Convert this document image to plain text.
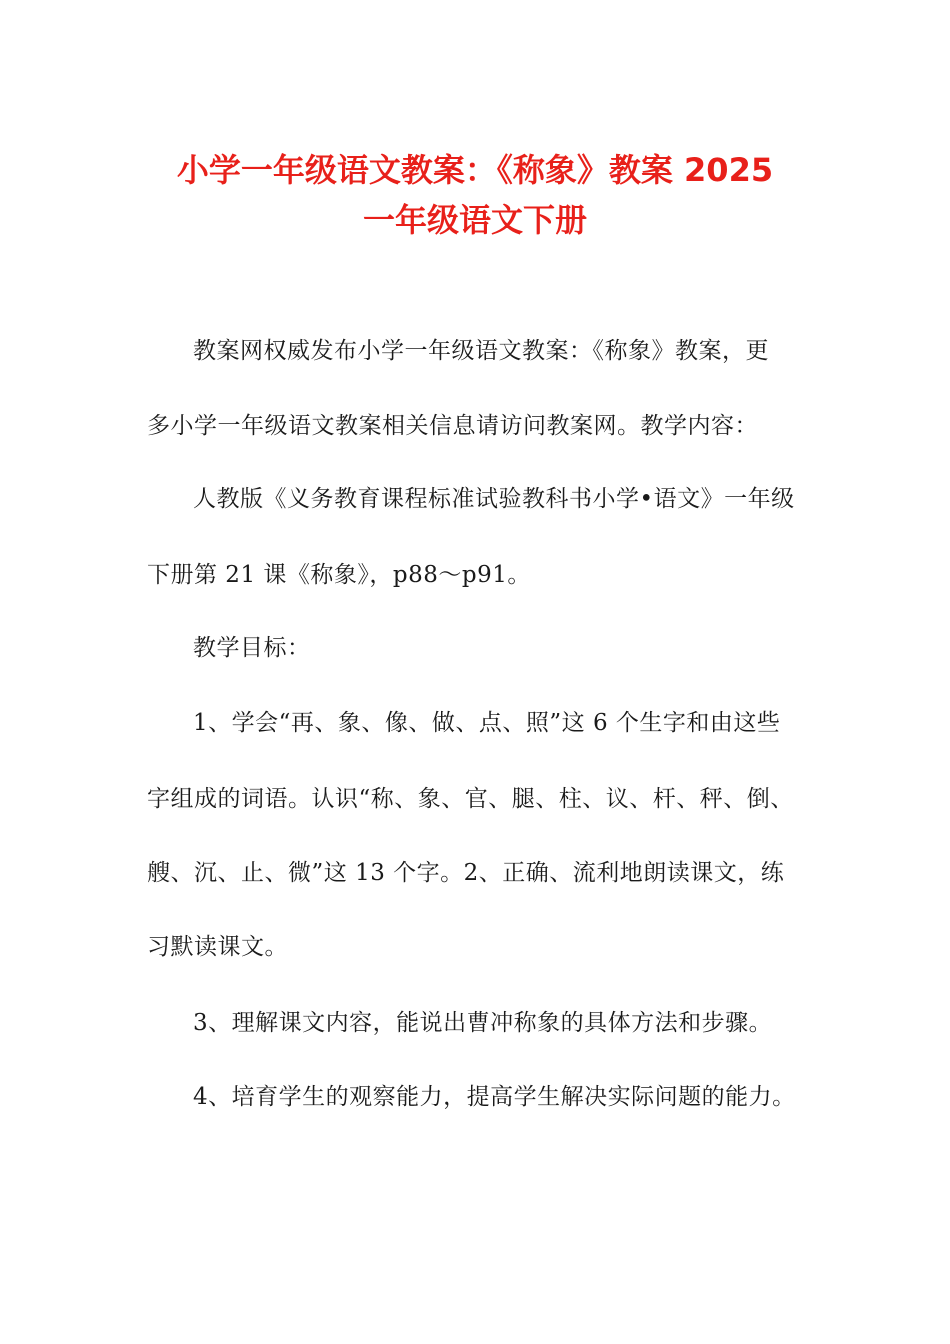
小学一年级语文教案：《称象》教案 2025
一年级语文下册
教案网权威发布小学一年级语文教案：《称象》教案，更
多小学一年级语文教案相关信息请访问教案网。教学内容：
人教版《义务教育课程标准试验教科书小学•语文》一年级
下册第 21 课《称象》，p88～p91。
教学目标：
1、学会“再、象、像、做、点、照”这 6 个生字和由这些
字组成的词语。认识“称、象、官、腿、柱、议、杆、秤、倒、
艘、沉、止、微”这 13 个字。2、正确、流利地朗读课文，练
习默读课文。
3、理解课文内容，能说出曹冲称象的具体方法和步骤。
4、培育学生的观察能力，提高学生解决实际问题的能力。
